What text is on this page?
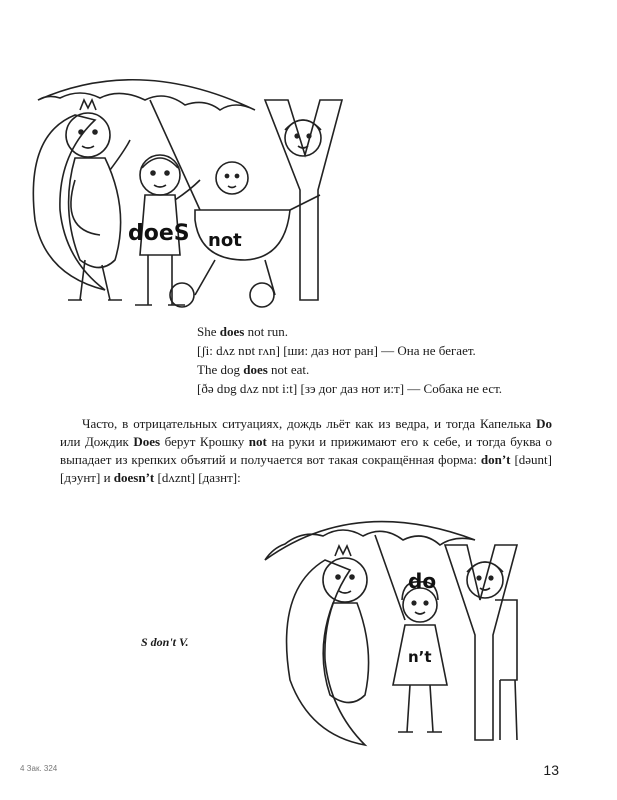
doeS not
She does not run.
[ʃi: dʌz nɒt rʌn] [ши: даз нот ран] — Она не бегает.
The dog does not eat.
[ðə dɒg dʌz nɒt i:t] [зэ дог даз нот и:т] — Собака не ест.
Часто, в отрицательных ситуациях, дождь льёт как из ведра, и тогда Капелька Do или Дождик Does берут Крошку not на руки и прижимают его к себе, и тогда буква о выпадает из крепких объятий и получается вот такая сокращённая форма: don’t [dəunt] [дэунт] и doesn’t [dʌznt] [дазнт]:
S don't V.
do
n’t
4 Зак. 324	13
